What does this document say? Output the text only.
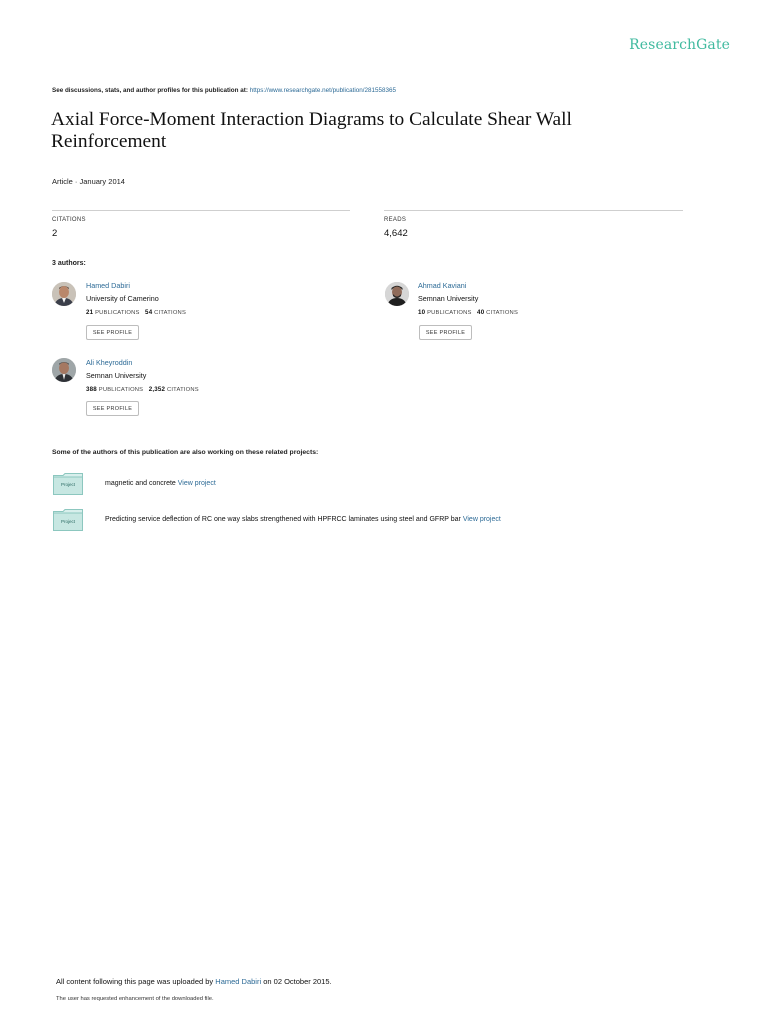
ResearchGate
See discussions, stats, and author profiles for this publication at: https://www.researchgate.net/publication/281558365
Axial Force-Moment Interaction Diagrams to Calculate Shear Wall Reinforcement
Article · January 2014
CITATIONS
2
READS
4,642
3 authors:
Hamed Dabiri
University of Camerino
21 PUBLICATIONS 54 CITATIONS
SEE PROFILE
Ahmad Kaviani
Semnan University
10 PUBLICATIONS 40 CITATIONS
SEE PROFILE
Ali Kheyroddin
Semnan University
388 PUBLICATIONS 2,352 CITATIONS
SEE PROFILE
Some of the authors of this publication are also working on these related projects:
Project	magnetic and concrete View project
Project	Predicting service deflection of RC one way slabs strengthened with HPFRCC laminates using steel and GFRP bar View project
All content following this page was uploaded by Hamed Dabiri on 02 October 2015.
The user has requested enhancement of the downloaded file.
